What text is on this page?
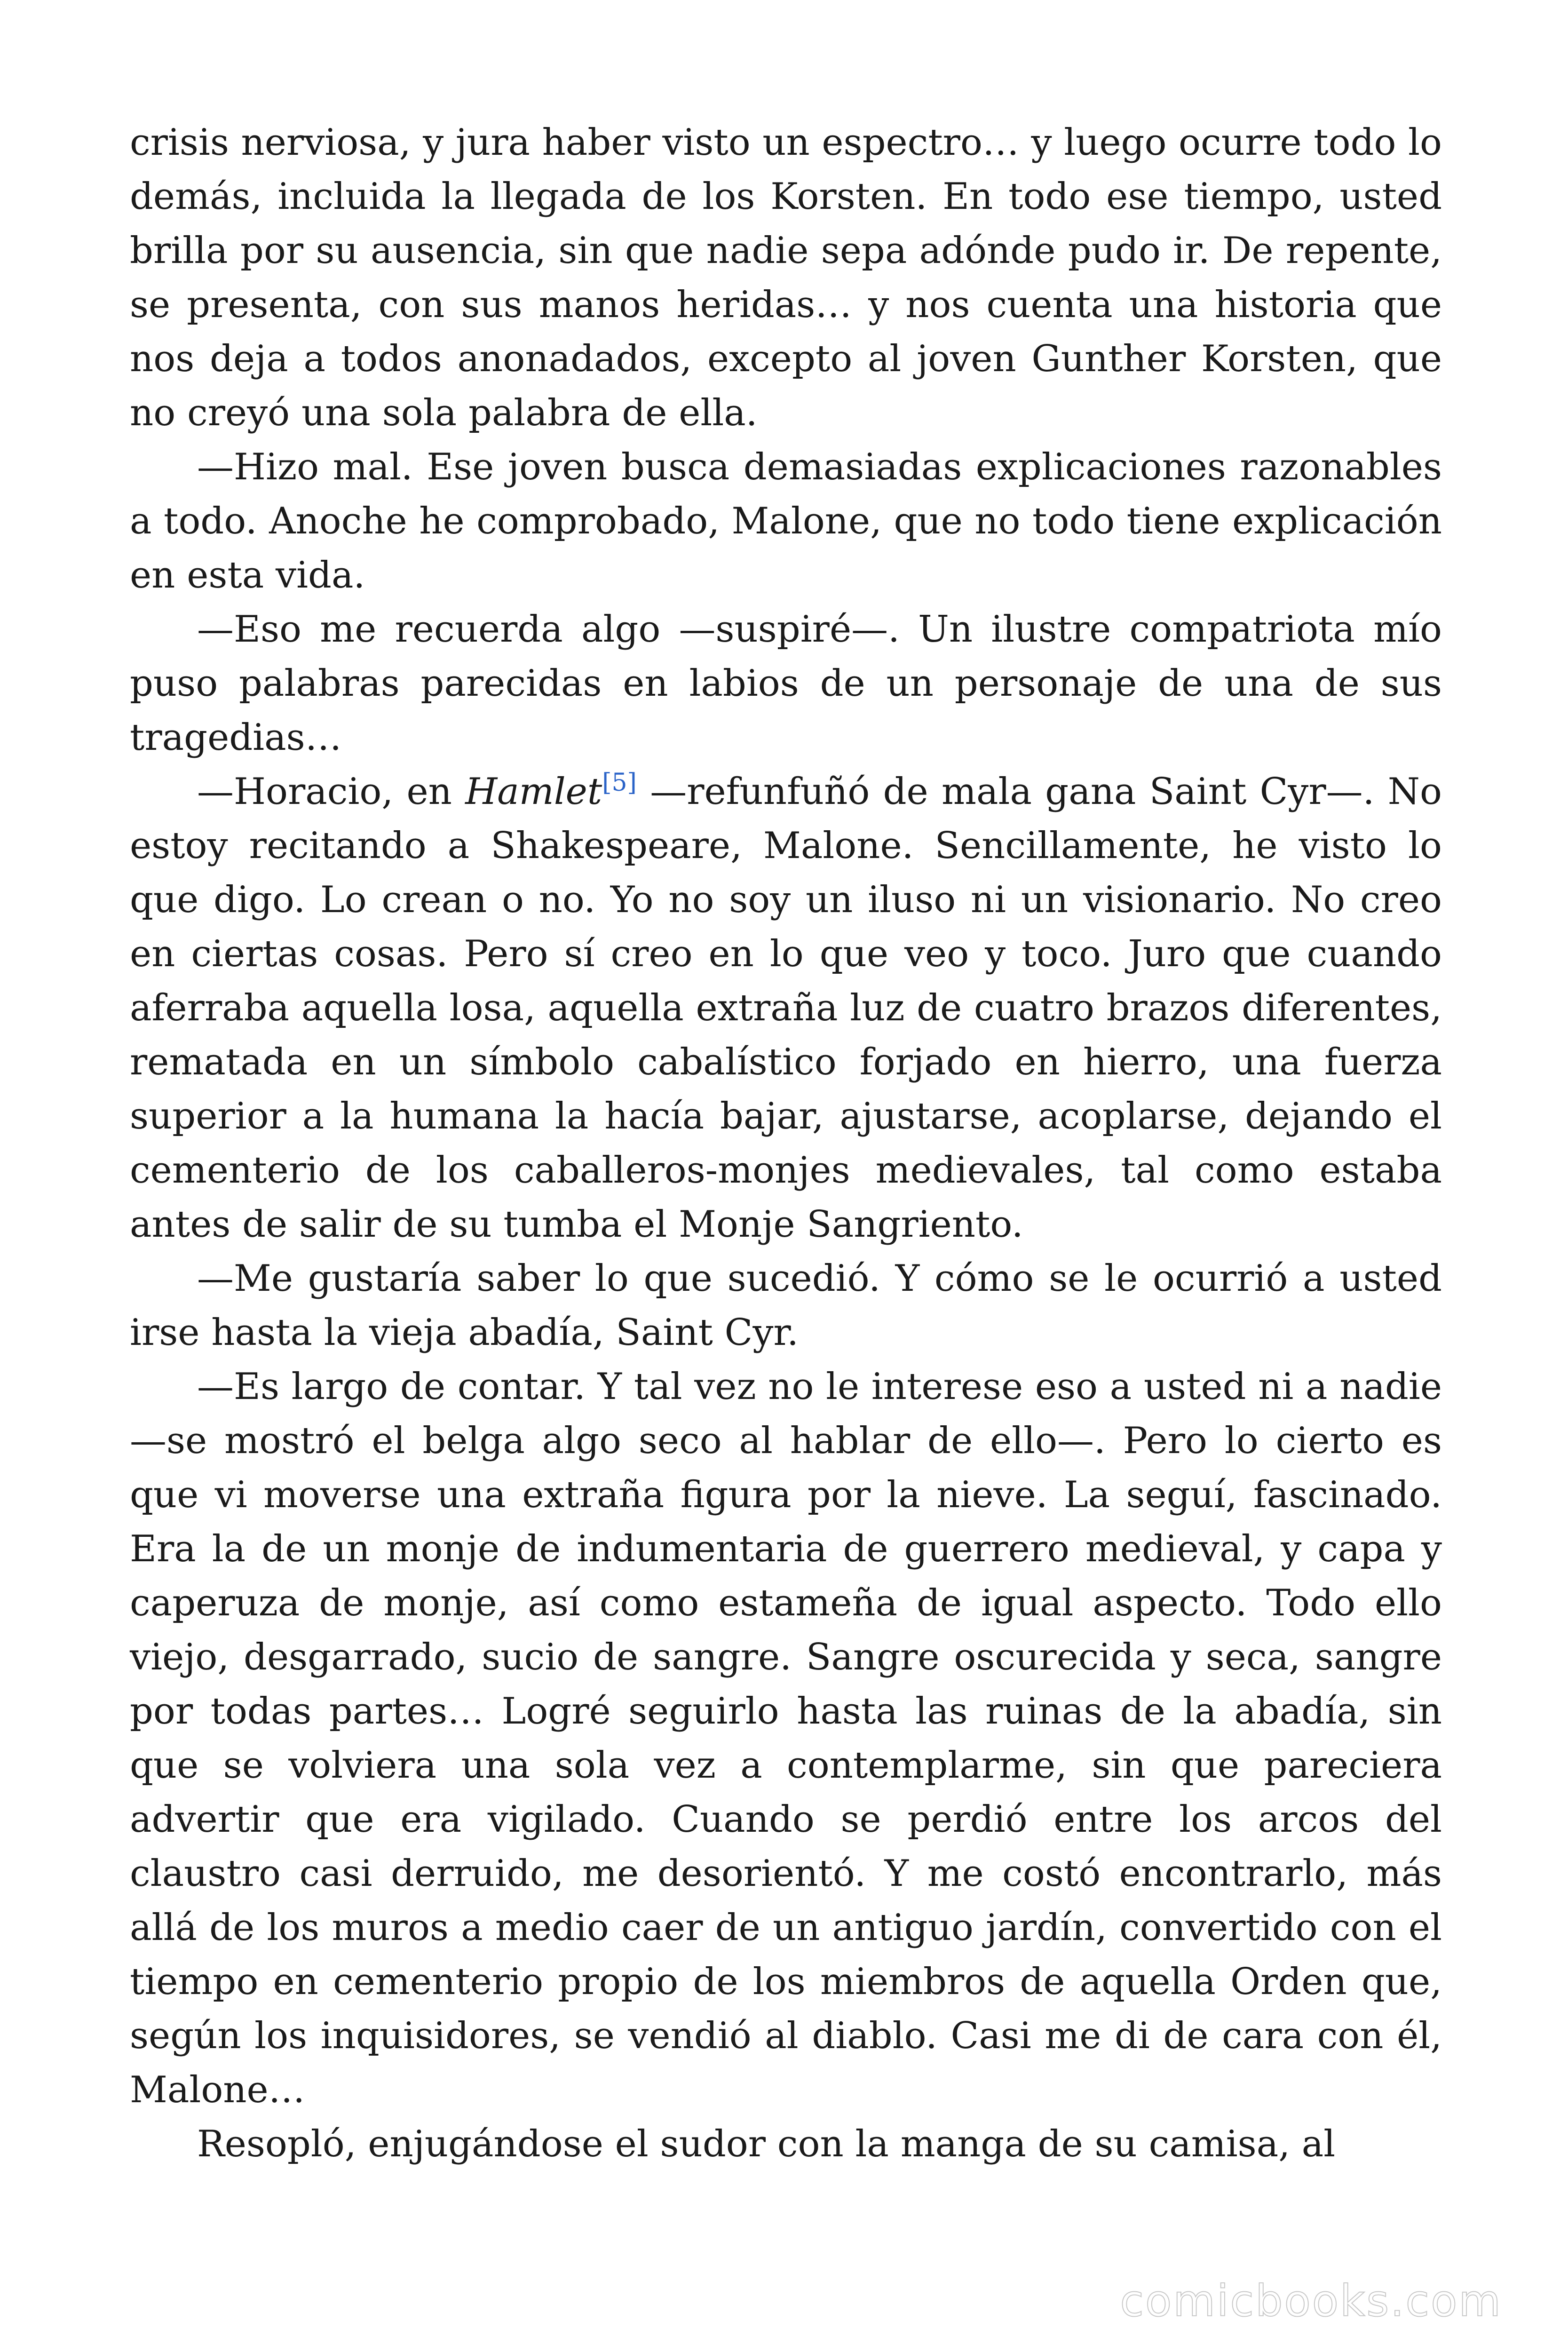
crisis nerviosa, y jura haber visto un espectro… y luego ocurre todo lo demás, incluida la llegada de los Korsten. En todo ese tiempo, usted brilla por su ausencia, sin que nadie sepa adónde pudo ir. De repente, se presenta, con sus manos heridas… y nos cuenta una historia que nos deja a todos anonadados, excepto al joven Gunther Korsten, que no creyó una sola palabra de ella.

—Hizo mal. Ese joven busca demasiadas explicaciones razonables a todo. Anoche he comprobado, Malone, que no todo tiene explicación en esta vida.

—Eso me recuerda algo —suspiré—. Un ilustre compatriota mío puso palabras parecidas en labios de un personaje de una de sus tragedias…

—Horacio, en Hamlet[5] —refunfuñó de mala gana Saint Cyr—. No estoy recitando a Shakespeare, Malone. Sencillamente, he visto lo que digo. Lo crean o no. Yo no soy un iluso ni un visionario. No creo en ciertas cosas. Pero sí creo en lo que veo y toco. Juro que cuando aferraba aquella losa, aquella extraña luz de cuatro brazos diferentes, rematada en un símbolo cabalístico forjado en hierro, una fuerza superior a la humana la hacía bajar, ajustarse, acoplarse, dejando el cementerio de los caballeros-monjes medievales, tal como estaba antes de salir de su tumba el Monje Sangriento.

—Me gustaría saber lo que sucedió. Y cómo se le ocurrió a usted irse hasta la vieja abadía, Saint Cyr.

—Es largo de contar. Y tal vez no le interese eso a usted ni a nadie —se mostró el belga algo seco al hablar de ello—. Pero lo cierto es que vi moverse una extraña figura por la nieve. La seguí, fascinado. Era la de un monje de indumentaria de guerrero medieval, y capa y caperuza de monje, así como estameña de igual aspecto. Todo ello viejo, desgarrado, sucio de sangre. Sangre oscurecida y seca, sangre por todas partes… Logré seguirlo hasta las ruinas de la abadía, sin que se volviera una sola vez a contemplarme, sin que pareciera advertir que era vigilado. Cuando se perdió entre los arcos del claustro casi derruido, me desorientó. Y me costó encontrarlo, más allá de los muros a medio caer de un antiguo jardín, convertido con el tiempo en cementerio propio de los miembros de aquella Orden que, según los inquisidores, se vendió al diablo. Casi me di de cara con él, Malone…

Resopló, enjugándose el sudor con la manga de su camisa, al

comicbooks.com
